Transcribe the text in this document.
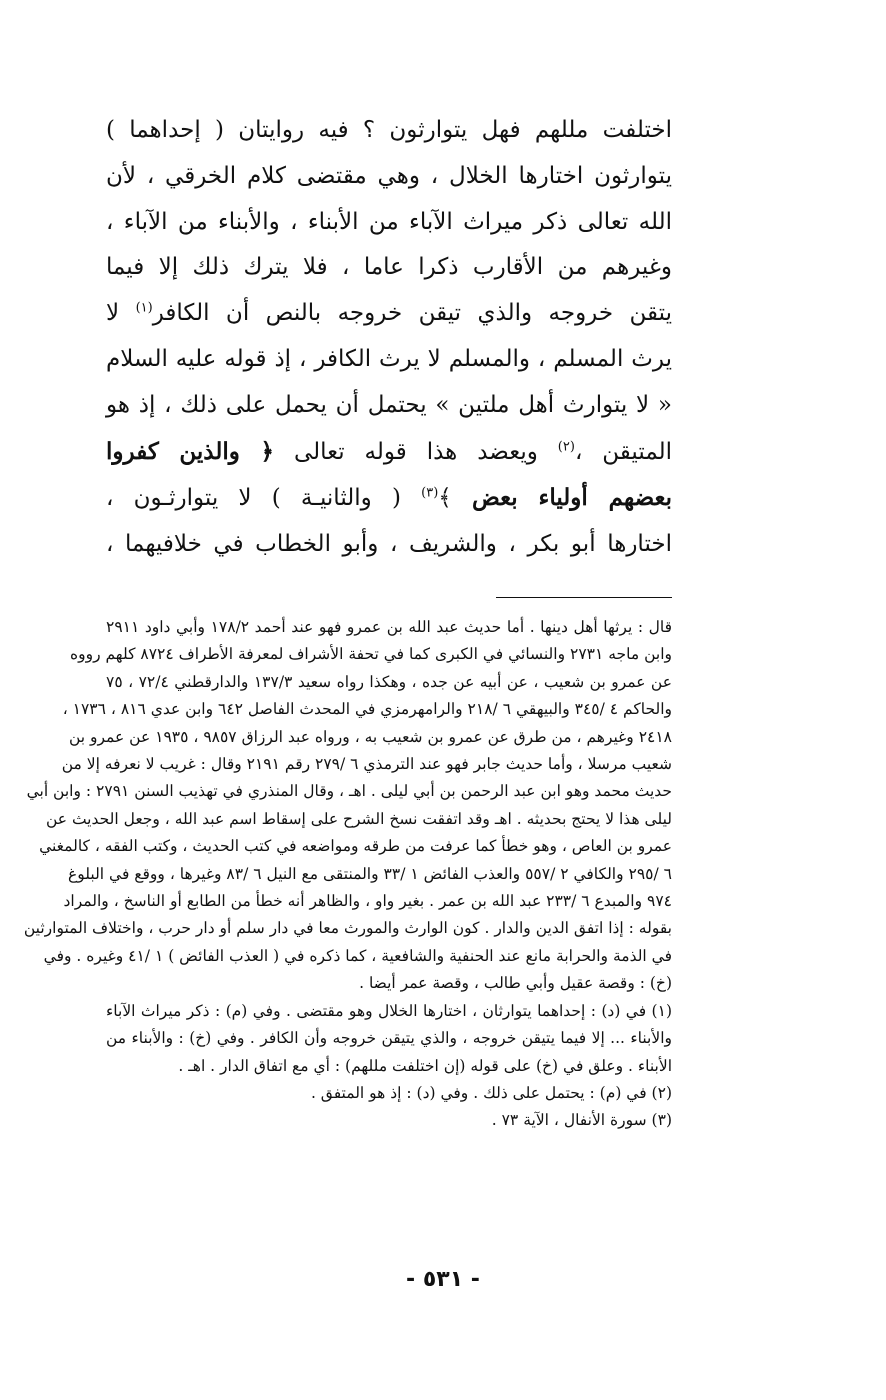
اختلفت مللهم فهل يتوارثون ؟ فيه روايتان ( إحداهما )
يتوارثون اختارها الخلال ، وهي مقتضى كلام الخرقي ، لأن
الله تعالى ذكر ميراث الآباء من الأبناء ، والأبناء من الآباء ،
وغيرهم من الأقارب ذكرا عاما ، فلا يترك ذلك إلا فيما
يتقن خروجه والذي تيقن خروجه بالنص أن الكافر$^{(١)}$ لا
يرث المسلم ، والمسلم لا يرث الكافر ، إذ قوله عليه السلام
« لا يتوارث أهل ملتين » يحتمل أن يحمل على ذلك ، إذ هو
المتيقن ،$^{(٢)}$ ويعضد هذا قوله تعالى ﴿ والذين كفروا
بعضهم أولياء بعض ﴾$^{(٣)}$ ( والثانيـة ) لا يتوارثـون ،
اختارها أبو بكر ، والشريف ، وأبو الخطاب في خلافيهما ،

قال : يرثها أهل دينها . أما حديث عبد الله بن عمرو فهو عند أحمد ١٧٨/٢ وأبي داود ٢٩١١
وابن ماجه ٢٧٣١ والنسائي في الكبرى كما في تحفة الأشراف لمعرفة الأطراف ٨٧٢٤ كلهم رووه
عن عمرو بن شعيب ، عن أبيه عن جده ، وهكذا رواه سعيد ١٣٧/٣ والدارقطني ٧٢/٤ ، ٧٥
والحاكم ٤ /٣٤٥ والبيهقي ٦ /٢١٨ والرامهرمزي في المحدث الفاصل ٦٤٢ وابن عدي ٨١٦ ، ١٧٣٦ ،
٢٤١٨ وغيرهم ، من طرق عن عمرو بن شعيب به ، ورواه عبد الرزاق ٩٨٥٧ ، ١٩٣٥ عن عمرو بن
شعيب مرسلا ، وأما حديث جابر فهو عند الترمذي ٦ /٢٧٩ رقم ٢١٩١ وقال : غريب لا نعرفه إلا من
حديث محمد وهو ابن عبد الرحمن بن أبي ليلى . اهـ ، وقال المنذري في تهذيب السنن ٢٧٩١ : وابن أبي
ليلى هذا لا يحتج بحديثه . اهـ وقد اتفقت نسخ الشرح على إسقاط اسم عبد الله ، وجعل الحديث عن
عمرو بن العاص ، وهو خطأ كما عرفت من طرقه ومواضعه في كتب الحديث ، وكتب الفقه ، كالمغني
٦ /٢٩٥ والكافي ٢ /٥٥٧ والعذب الفائض ١ /٣٣ والمنتقى مع النيل ٦ /٨٣ وغيرها ، ووقع في البلوغ
٩٧٤ والمبدع ٦ /٢٣٣ عبد الله بن عمر . بغير واو ، والظاهر أنه خطأ من الطابع أو الناسخ ، والمراد
بقوله : إذا اتفق الدين والدار . كون الوارث والمورث معا في دار سلم أو دار حرب ، واختلاف المتوارثين
في الذمة والحرابة مانع عند الحنفية والشافعية ، كما ذكره في ( العذب الفائض ) ١ /٤١ وغيره . وفي
(خ) : وقصة عقيل وأبي طالب ، وقصة عمر أيضا .
(١) في (د) : إحداهما يتوارثان ، اختارها الخلال وهو مقتضى . وفي (م) : ذكر ميراث الآباء
والأبناء ... إلا فيما يتيقن خروجه ، والذي يتيقن خروجه وأن الكافر . وفي (خ) : والأبناء من
الأبناء . وعلق في (خ) على قوله (إن اختلفت مللهم) : أي مع اتفاق الدار . اهـ .
(٢) في (م) : يحتمل على ذلك . وفي (د) : إذ هو المتفق .
(٣) سورة الأنفال ، الآية ٧٣ .
- ٥٣١ -
